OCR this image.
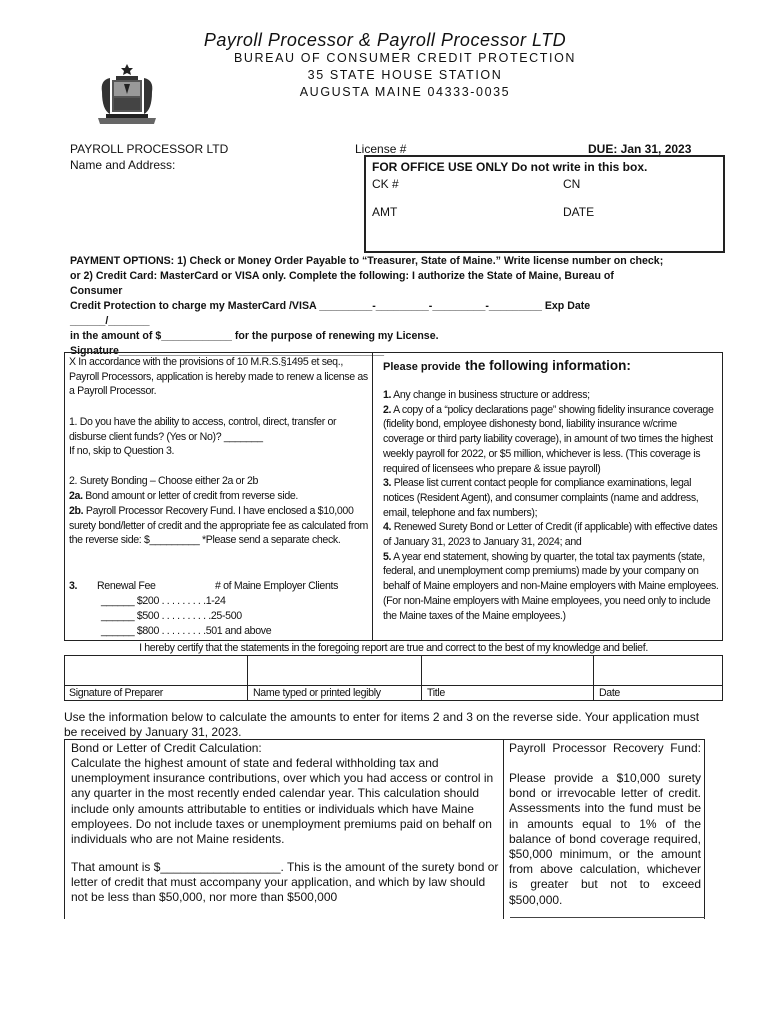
Payroll Processor & Payroll Processor LTD
BUREAU OF CONSUMER CREDIT PROTECTION
35 STATE HOUSE STATION
AUGUSTA MAINE 04333-0035
PAYROLL PROCESSOR LTD
Name and Address:
License #	DUE: Jan 31, 2023
FOR OFFICE USE ONLY Do not write in this box.
CK #	CN
AMT	DATE
PAYMENT OPTIONS: 1) Check or Money Order Payable to “Treasurer, State of Maine.” Write license number on check;
or 2) Credit Card: MasterCard or VISA only. Complete the following: I authorize the State of Maine, Bureau of
Consumer
Credit Protection to charge my MasterCard /VISA _________-_________-_________-_________ Exp Date
______/_______
in the amount of $____________ for the purpose of renewing my License.
Signature_____________________________________________
X In accordance with the provisions of 10 M.R.S.§1495 et seq., Payroll Processors, application is hereby made to renew a license as a Payroll Processor.
1. Do you have the ability to access, control, direct, transfer or disburse client funds? (Yes or No)? _______
If no, skip to Question 3.
2. Surety Bonding – Choose either 2a or 2b
2a. Bond amount or letter of credit from reverse side.
2b. Payroll Processor Recovery Fund. I have enclosed a $10,000 surety bond/letter of credit and the appropriate fee as calculated from the reverse side: $_________ *Please send a separate check.
3. Renewal Fee	# of Maine Employer Clients
______ $200 . . . . . . . . .1-24
______ $500 . . . . . . . . . .25-500
______ $800 . . . . . . . . .501 and above
Please provide the following information:
1. Any change in business structure or address;
2. A copy of a “policy declarations page” showing fidelity insurance coverage (fidelity bond, employee dishonesty bond, liability insurance w/crime coverage or third party liability coverage), in amount of two times the highest weekly payroll for 2022, or $5 million, whichever is less. (This coverage is required of licensees who prepare & issue payroll)
3. Please list current contact people for compliance examinations, legal notices (Resident Agent), and consumer complaints (name and address, email, telephone and fax numbers);
4. Renewed Surety Bond or Letter of Credit (if applicable) with effective dates of January 31, 2023 to January 31, 2024; and
5. A year end statement, showing by quarter, the total tax payments (state, federal, and unemployment comp premiums) made by your company on behalf of Maine employers and non-Maine employers with Maine employees. (For non-Maine employers with Maine employees, you need only to include the Maine taxes of the Maine employees.)
I hereby certify that the statements in the foregoing report are true and correct to the best of my knowledge and belief.
Signature of Preparer	Name typed or printed legibly	Title	Date
Use the information below to calculate the amounts to enter for items 2 and 3 on the reverse side. Your application must be received by January 31, 2023.
Bond or Letter of Credit Calculation:
Calculate the highest amount of state and federal withholding tax and unemployment insurance contributions, over which you had access or control in any quarter in the most recently ended calendar year. This calculation should include only amounts attributable to entities or individuals which have Maine employees. Do not include taxes or unemployment premiums paid on behalf on individuals who are not Maine residents.
That amount is $__________________. This is the amount of the surety bond or letter of credit that must accompany your application, and which by law should not be less than $50,000, nor more than $500,000
Payroll Processor Recovery Fund:
Please provide a $10,000 surety bond or irrevocable letter of credit. Assessments into the fund must be in amounts equal to 1% of the balance of bond coverage required, $50,000 minimum, or the amount from above calculation, whichever is greater but not to exceed $500,000.
